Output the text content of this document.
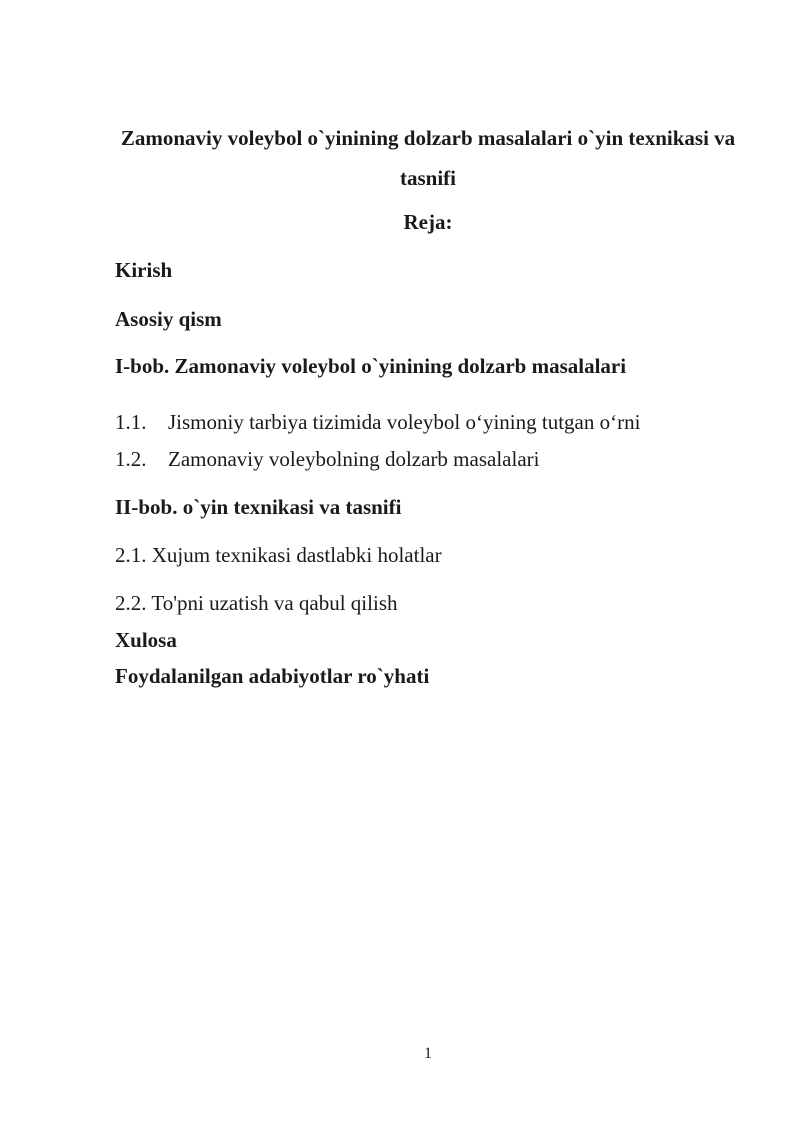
Zamonaviy voleybol o`yinining dolzarb masalalari o`yin texnikasi va tasnifi

Reja:

Kirish

Asosiy qism

I-bob. Zamonaviy voleybol o`yinining dolzarb masalalari

1.1. Jismoniy tarbiya tizimida voleybol o‘yining tutgan o‘rni

1.2. Zamonaviy voleybolning dolzarb masalalari

II-bob. o`yin texnikasi va tasnifi

2.1. Xujum texnikasi dastlabki holatlar

2.2. To'pni uzatish va qabul qilish

Xulosa

Foydalanilgan adabiyotlar ro`yhati

1
